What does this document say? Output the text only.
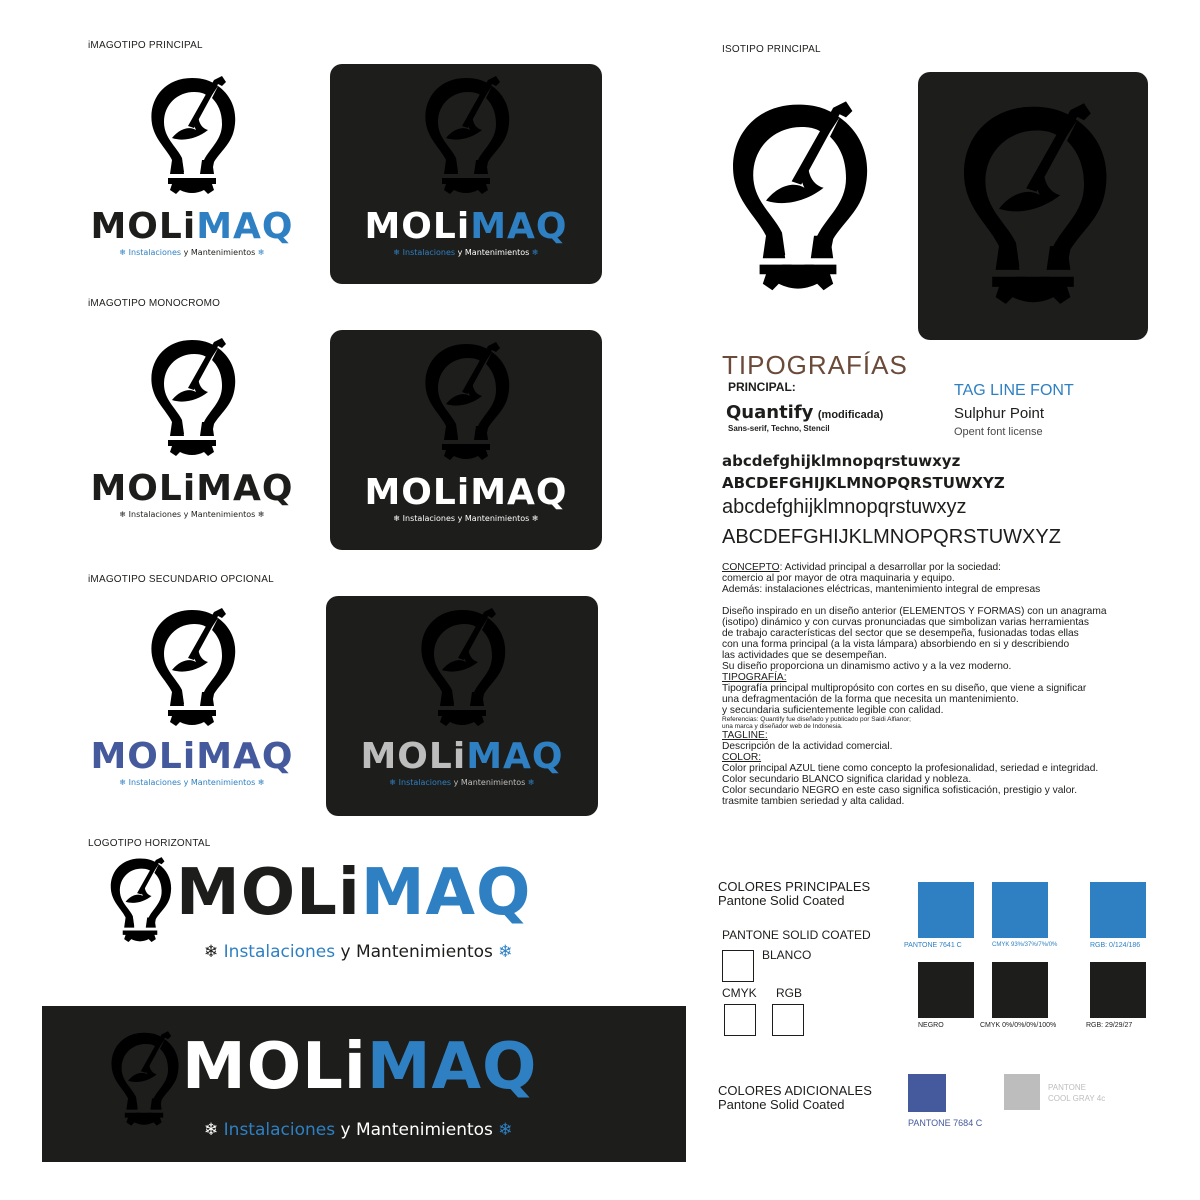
iMAGOTIPO PRINCIPAL
MOLiMAQ
❄ Instalaciones y Mantenimientos ❄
MOLiMAQ
❄ Instalaciones y Mantenimientos ❄
iMAGOTIPO MONOCROMO
MOLiMAQ
❄ Instalaciones y Mantenimientos ❄
MOLiMAQ
❄ Instalaciones y Mantenimientos ❄
iMAGOTIPO SECUNDARIO OPCIONAL
MOLiMAQ
❄ Instalaciones y Mantenimientos ❄
MOLiMAQ
❄ Instalaciones y Mantenimientos ❄
LOGOTIPO HORIZONTAL
MOLiMAQ
❄ Instalaciones y Mantenimientos ❄
MOLiMAQ
❄ Instalaciones y Mantenimientos ❄
ISOTIPO PRINCIPAL
TIPOGRAFÍAS
PRINCIPAL:
Quantify (modificada)
Sans-serif, Techno, Stencil
TAG LINE FONT
Sulphur Point
Opent font license
abcdefghijklmnopqrstuwxyz
ABCDEFGHIJKLMNOPQRSTUWXYZ
abcdefghijklmnopqrstuwxyz
ABCDEFGHIJKLMNOPQRSTUWXYZ

CONCEPTO: Actividad principal a desarrollar por la sociedad:

comercio al por mayor de otra maquinaria y equipo.

Además: instalaciones eléctricas, mantenimiento integral de empresas

Diseño inspirado en un diseño anterior (ELEMENTOS Y FORMAS) con un anagrama

(isotipo) dinámico y con curvas pronunciadas que simbolizan varias herramientas

de trabajo características del sector que se desempeña, fusionadas todas ellas

con una forma principal (a la vista lámpara) absorbiendo en si y describiendo

las actividades que se desempeñan.

Su diseño proporciona un dinamismo activo y a la vez moderno.

TIPOGRAFÍA:

Tipografía principal multipropósito con cortes en su diseño, que viene a significar

una defragmentación de la forma que necesita un mantenimiento.

y secundaria suficientemente legible con calidad.

Referencias: Quantify fue diseñado y publicado por Saidi Alfianor;

una marca y diseñador web de Indonesia.

TAGLINE:

Descripción de la actividad comercial.

COLOR:

Color principal AZUL tiene como concepto la profesionalidad, seriedad e integridad.

Color secundario BLANCO significa claridad y nobleza.

Color secundario NEGRO en este caso significa sofisticación, prestigio y valor.

trasmite tambien seriedad y alta calidad.

COLORES PRINCIPALES
Pantone Solid Coated
PANTONE 7641 C	CMYK 93%/37%/7%/0%	RGB: 0/124/186
PANTONE SOLID COATED
BLANCO
CMYK RGB
NEGRO	CMYK 0%/0%/0%/100%	RGB: 29/29/27
COLORES ADICIONALES
Pantone Solid Coated
PANTONE 7684 C
PANTONE
COOL GRAY 4c
